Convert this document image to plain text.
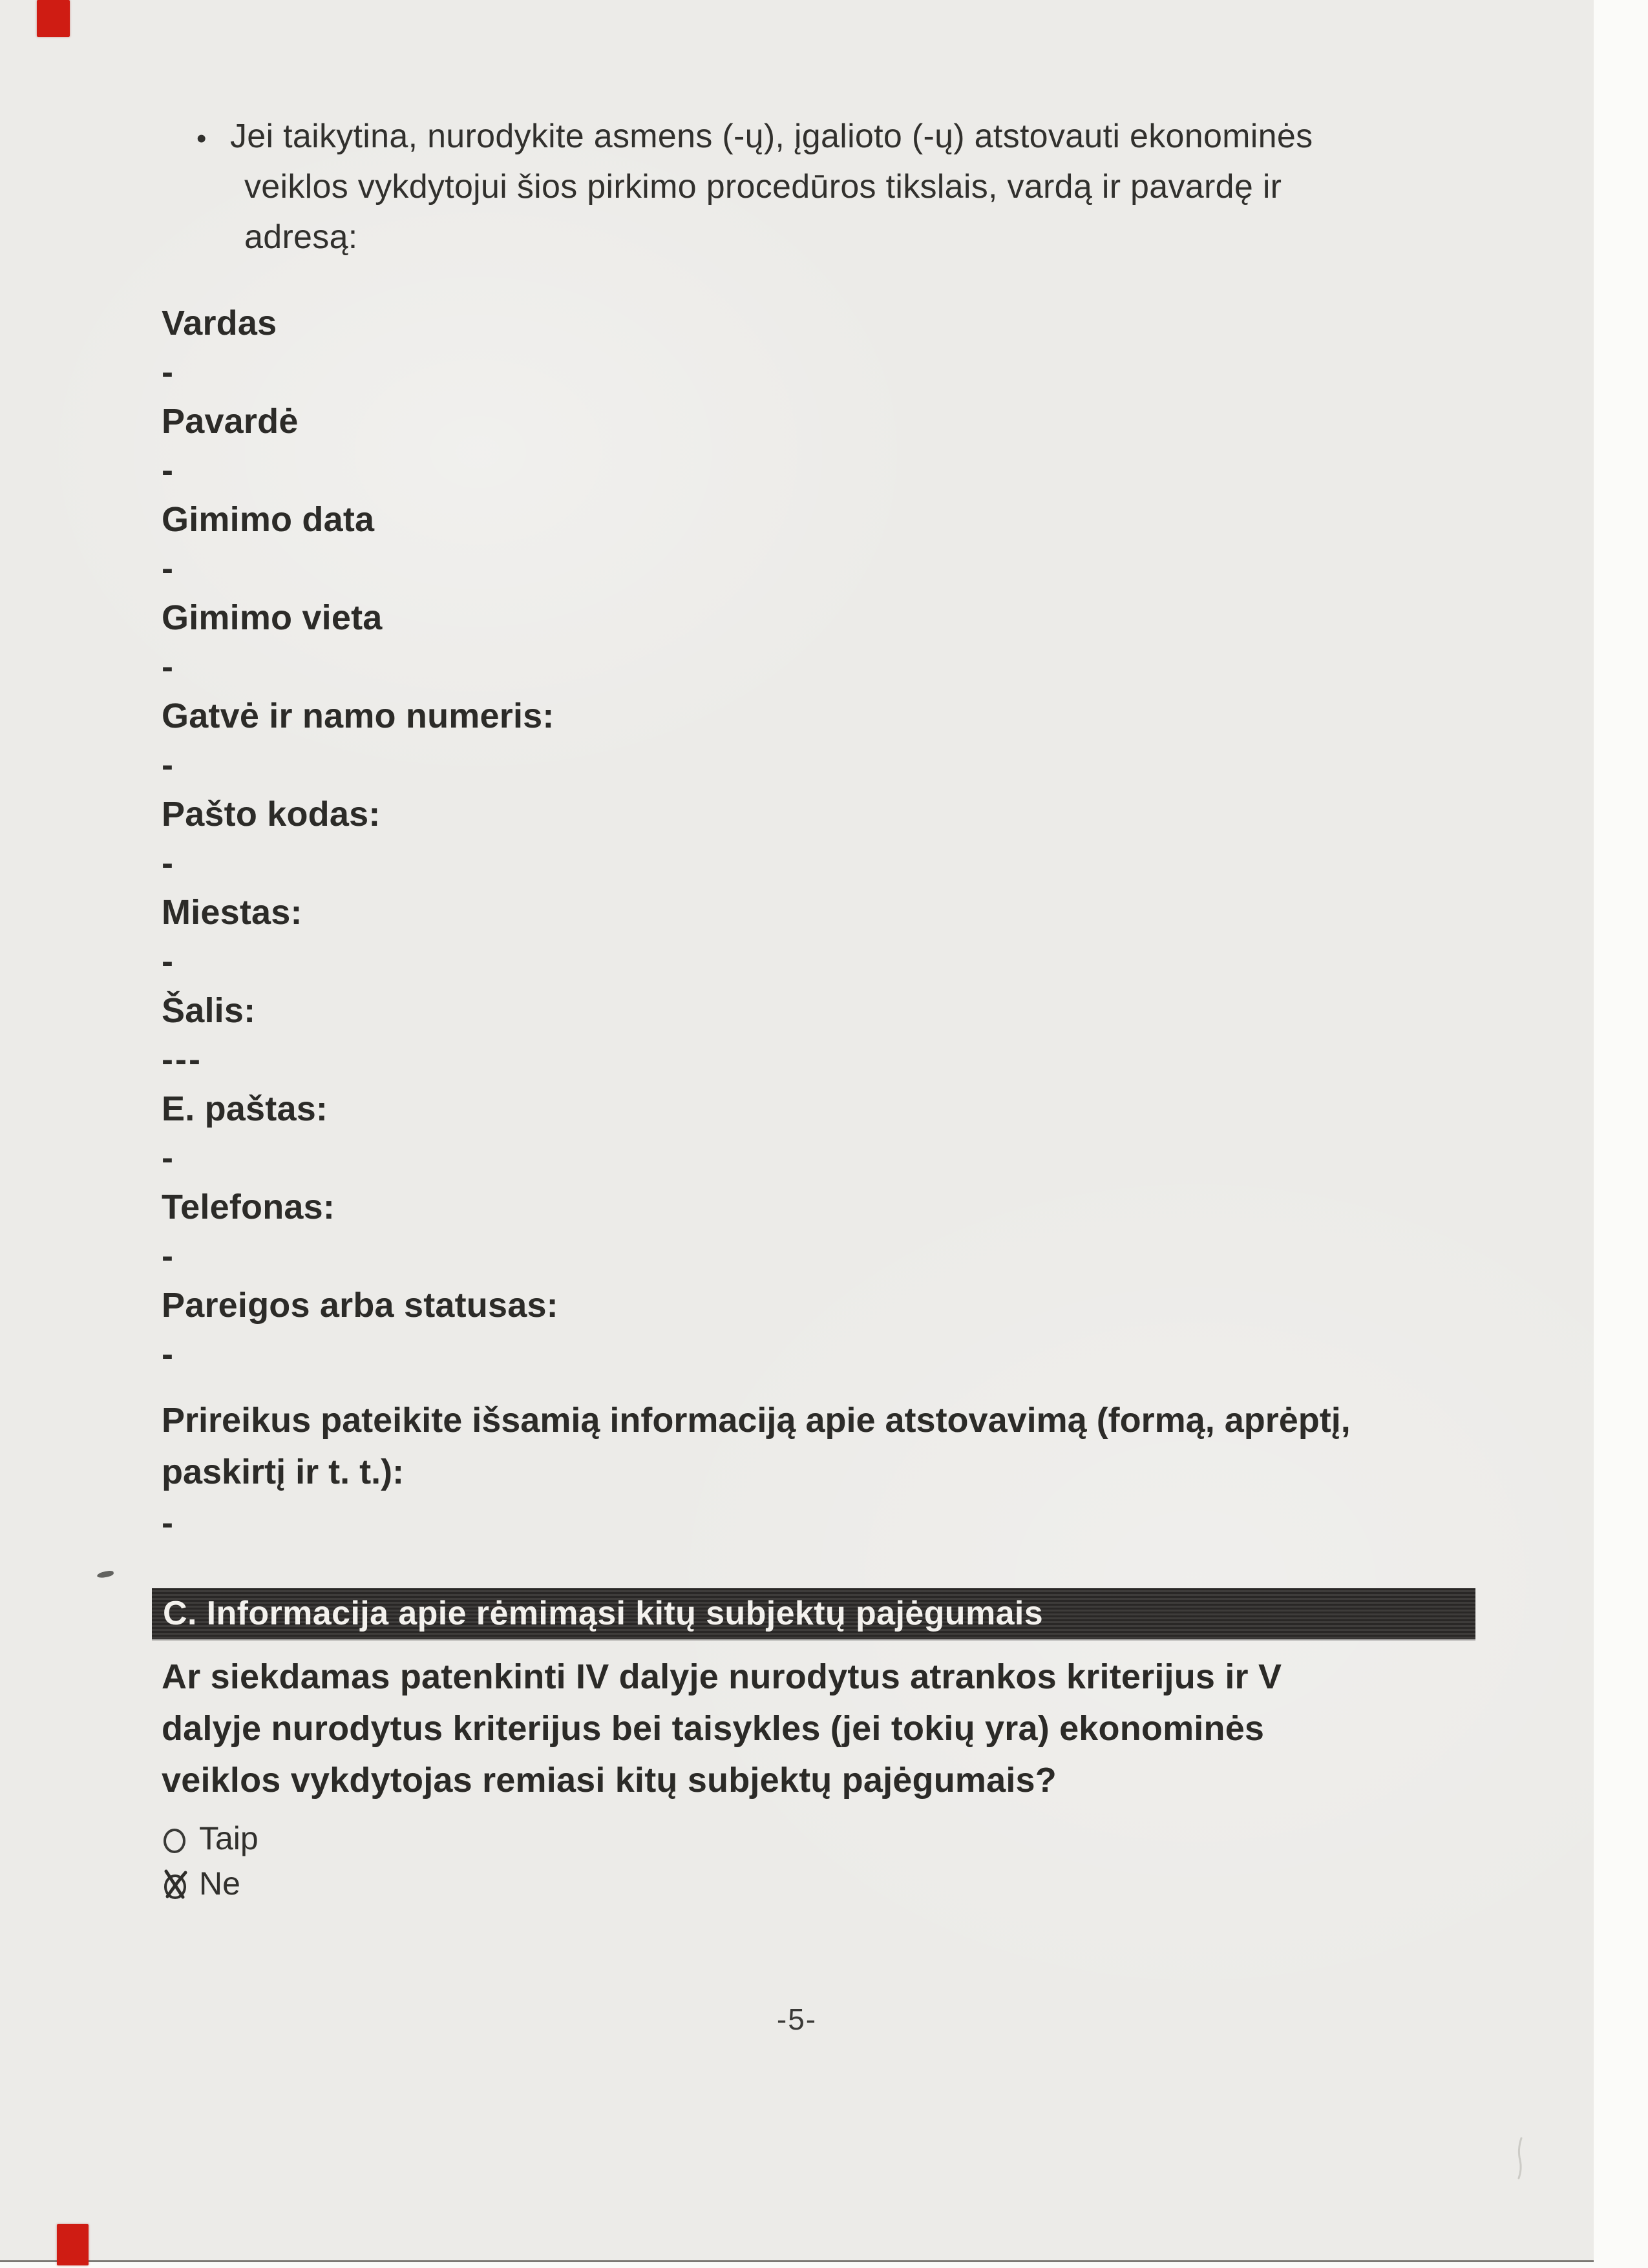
• Jei taikytina, nurodykite asmens (-ų), įgalioto (-ų) atstovauti ekonominės
veiklos vykdytojui šios pirkimo procedūros tikslais, vardą ir pavardę ir adresą:
Vardas
-
Pavardė
-
Gimimo data
-
Gimimo vieta
-
Gatvė ir namo numeris:
-
Pašto kodas:
-
Miestas:
-
Šalis:
---
E. paštas:
-
Telefonas:
-
Pareigos arba statusas:
-
Prireikus pateikite išsamią informaciją apie atstovavimą (formą, aprėptį,
paskirtį ir t. t.):
-
C. Informacija apie rėmimąsi kitų subjektų pajėgumais
Ar siekdamas patenkinti IV dalyje nurodytus atrankos kriterijus ir V
dalyje nurodytus kriterijus bei taisykles (jei tokių yra) ekonominės
veiklos vykdytojas remiasi kitų subjektų pajėgumais?
Taip
Ne
-5-
